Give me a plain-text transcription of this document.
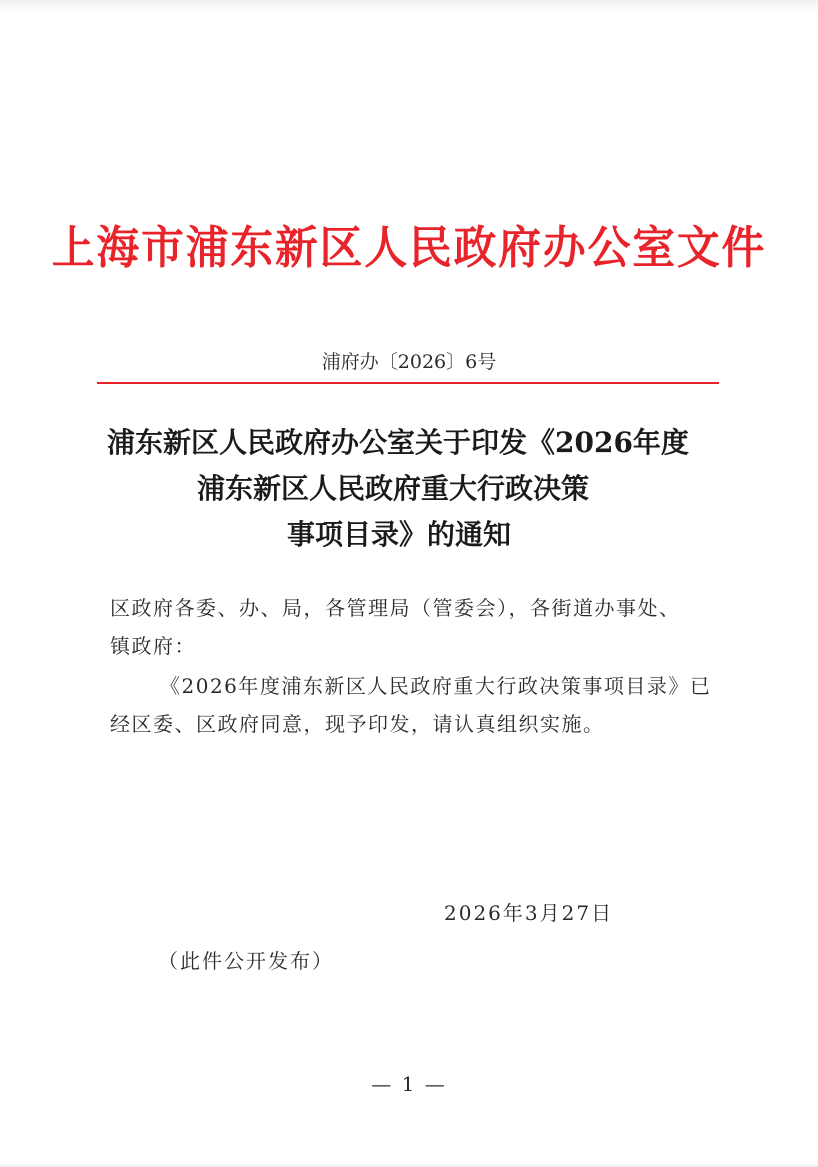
上海市浦东新区人民政府办公室文件
浦府办〔2026〕6号
浦东新区人民政府办公室关于印发《2026年度
浦东新区人民政府重大行政决策
事项目录》的通知
区政府各委、办、局，各管理局（管委会），各街道办事处、
镇政府：
《2026年度浦东新区人民政府重大行政决策事项目录》已
经区委、区政府同意，现予印发，请认真组织实施。
2026年3月27日
（此件公开发布）
— 1 —
